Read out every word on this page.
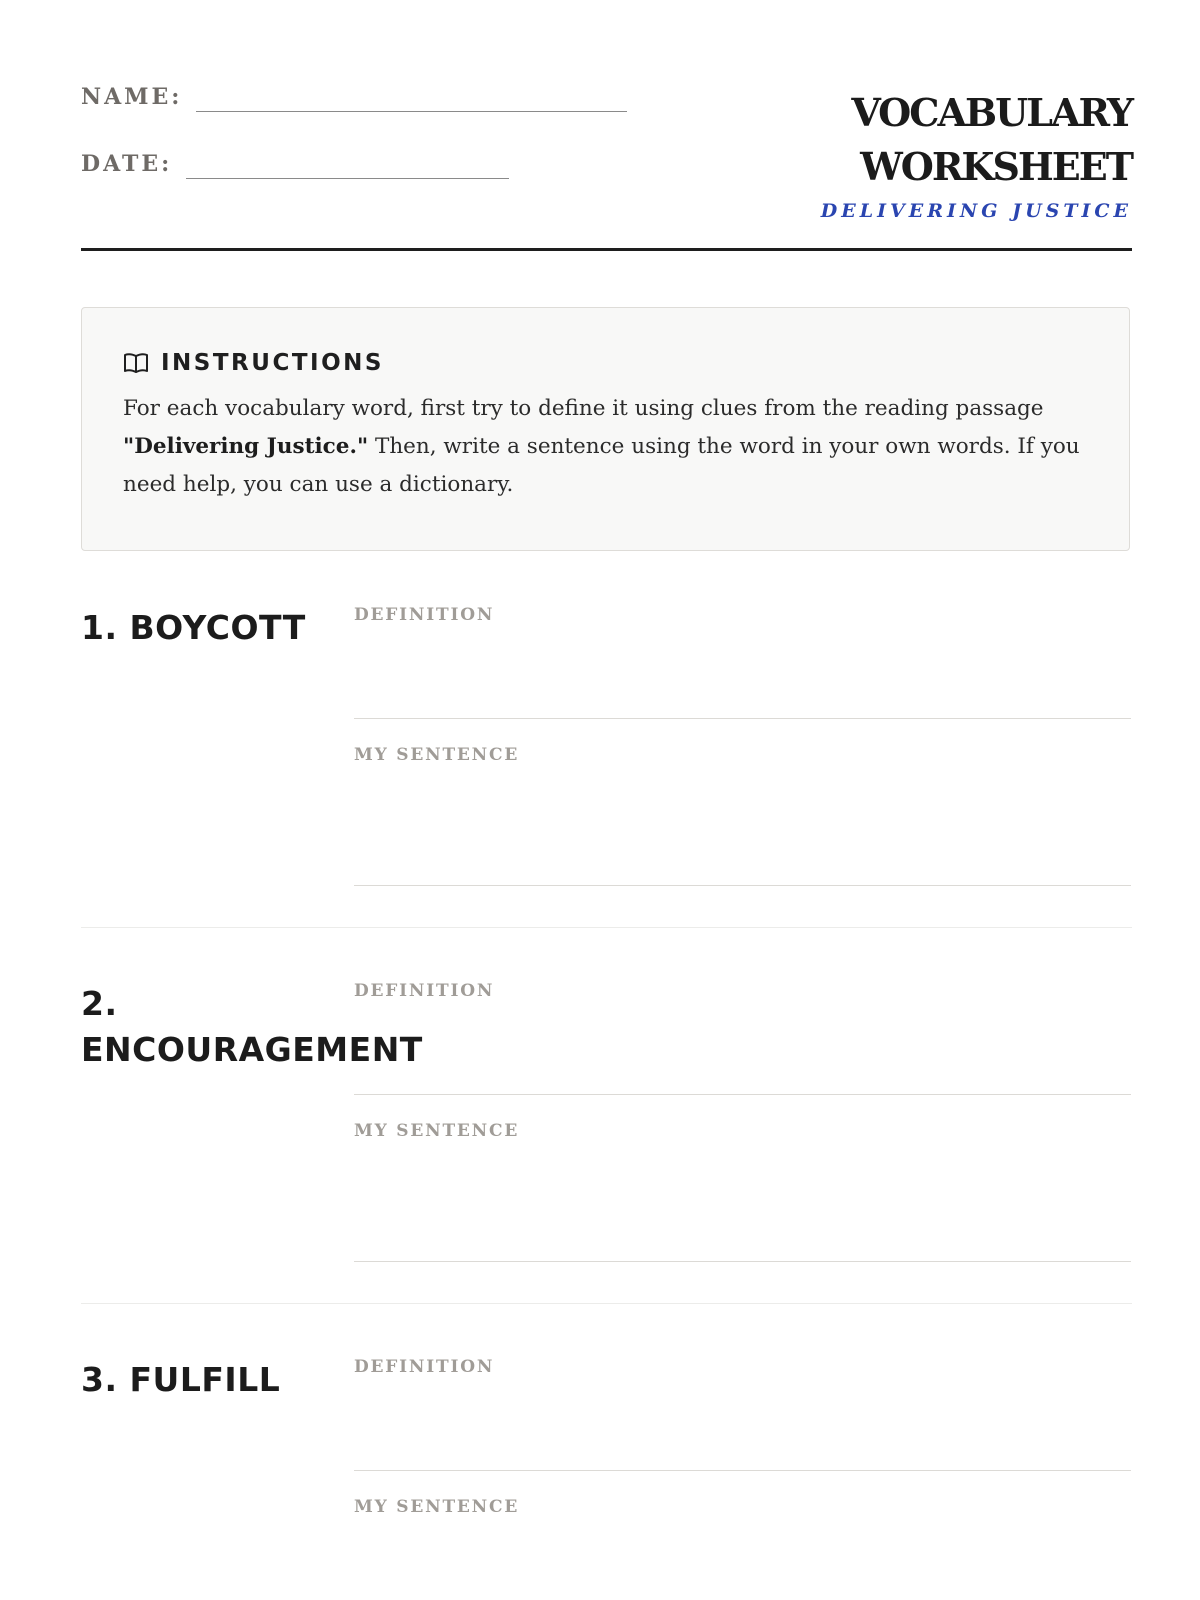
NAME:
DATE:
VOCABULARY
WORKSHEET
DELIVERING JUSTICE
INSTRUCTIONS
For each vocabulary word, first try to define it using clues from the reading passage "Delivering Justice." Then, write a sentence using the word in your own words. If you need help, you can use a dictionary.
1. BOYCOTT	DEFINITION
MY SENTENCE
2.
ENCOURAGEMENT
DEFINITION
MY SENTENCE
3. FULFILL	DEFINITION
MY SENTENCE
